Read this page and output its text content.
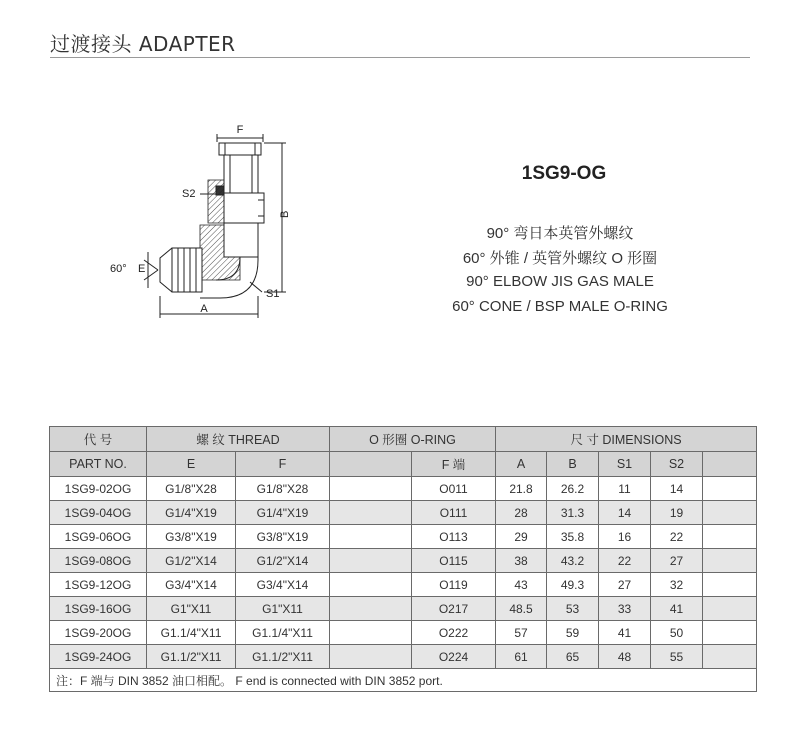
过渡接头 ADAPTER
F
S2
B
E
60°
S1
A
1SG9-OG
90° 弯日本英管外螺纹
60° 外锥 / 英管外螺纹 O 形圈
90° ELBOW JIS GAS MALE
60° CONE / BSP MALE O-RING
代 号	螺 纹 THREAD		O 形圈 O-RING		尺 寸 DIMENSIONS				
PART NO.	E	F		F 端	A	B	S1	S2	
1SG9-02OG	G1/8"X28	G1/8"X28		O011	21.8	26.2	11	14	
1SG9-04OG	G1/4"X19	G1/4"X19		O111	28	31.3	14	19	
1SG9-06OG	G3/8"X19	G3/8"X19		O113	29	35.8	16	22	
1SG9-08OG	G1/2"X14	G1/2"X14		O115	38	43.2	22	27	
1SG9-12OG	G3/4"X14	G3/4"X14		O119	43	49.3	27	32	
1SG9-16OG	G1"X11	G1"X11		O217	48.5	53	33	41	
1SG9-20OG	G1.1/4"X11	G1.1/4"X11		O222	57	59	41	50	
1SG9-24OG	G1.1/2"X11	G1.1/2"X11		O224	61	65	48	55	
注：F 端与 DIN 3852 油口相配。 F end is connected with DIN 3852 port.									
